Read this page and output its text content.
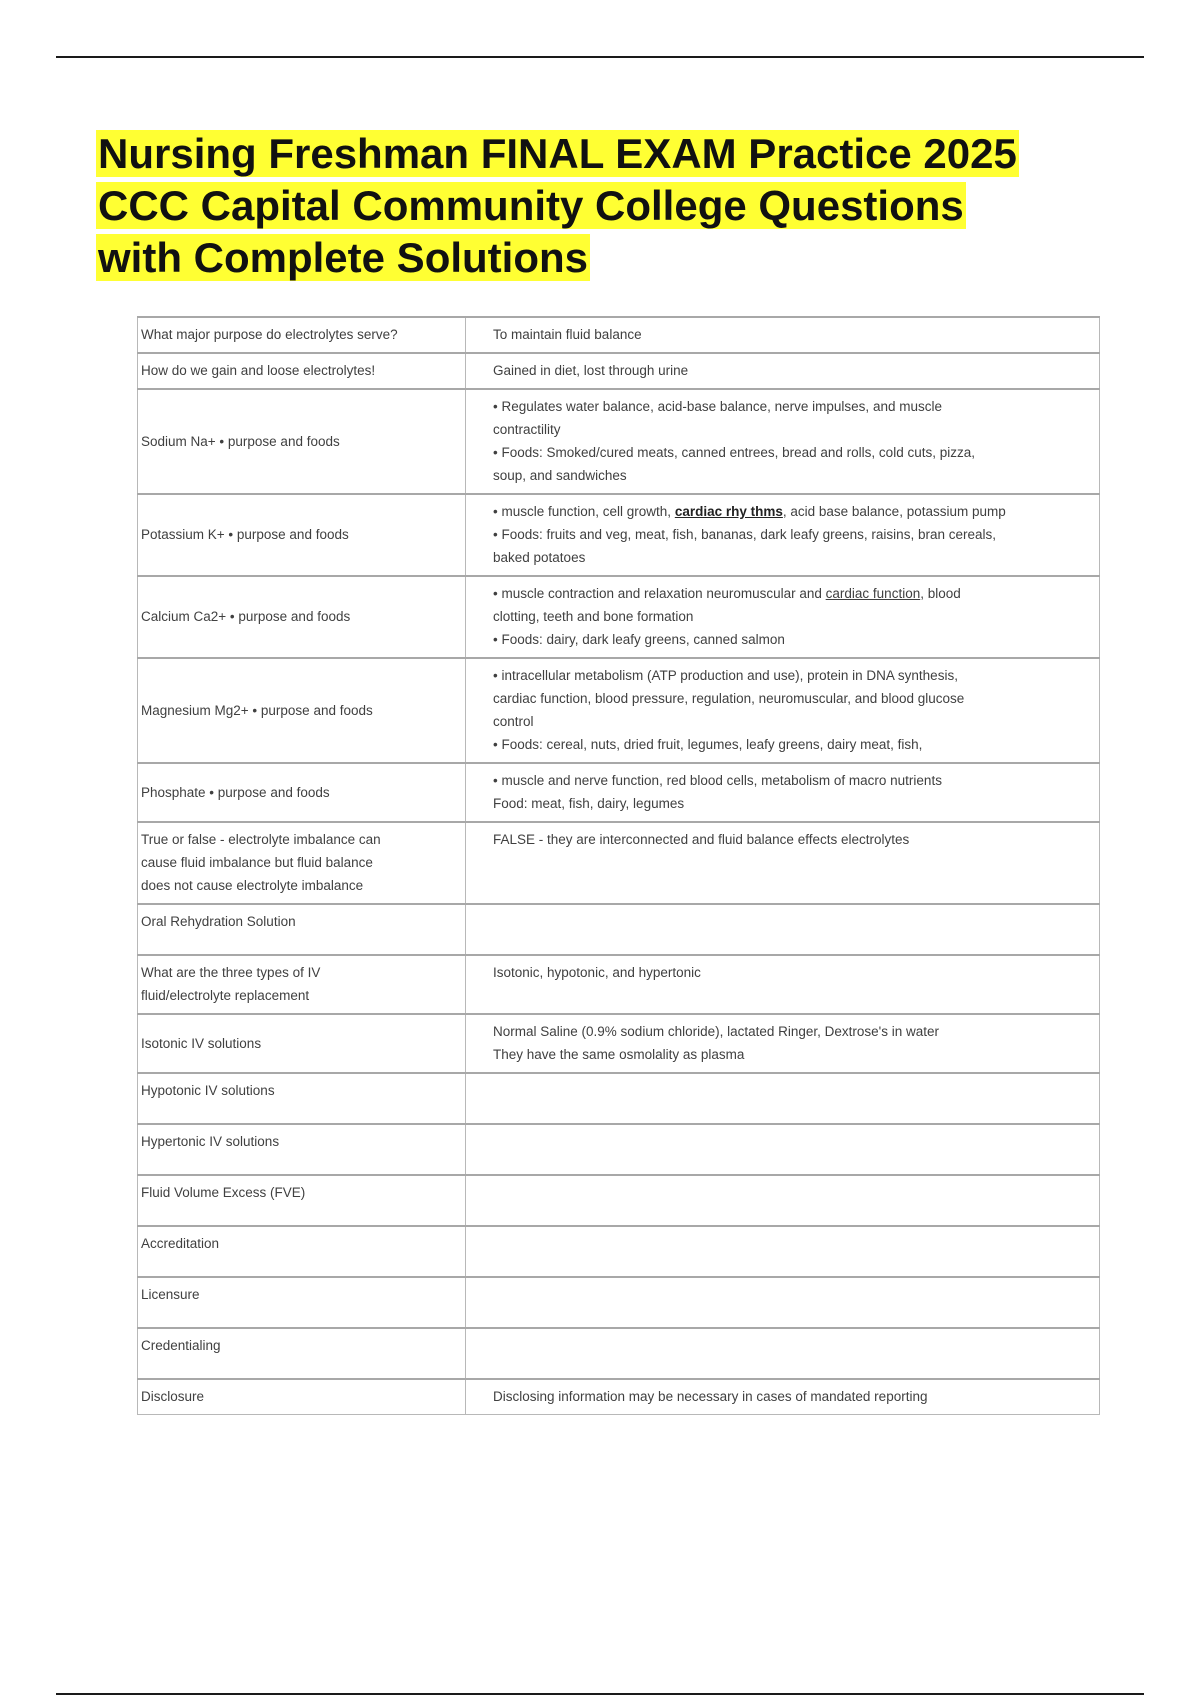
Nursing Freshman FINAL EXAM Practice 2025
CCC Capital Community College Questions
with Complete Solutions
What major purpose do electrolytes serve?	To maintain fluid balance
How do we gain and loose electrolytes!	Gained in diet, lost through urine
Sodium Na+ • purpose and foods	• Regulates water balance, acid-base balance, nerve impulses, and muscle
contractility
• Foods: Smoked/cured meats, canned entrees, bread and rolls, cold cuts, pizza,
soup, and sandwiches

Potassium K+ • purpose and foods	• muscle function, cell growth, cardiac rhy thms, acid base balance, potassium pump
• Foods: fruits and veg, meat, fish, bananas, dark leafy greens, raisins, bran cereals,
baked potatoes

Calcium Ca2+ • purpose and foods	• muscle contraction and relaxation neuromuscular and cardiac function, blood
clotting, teeth and bone formation
• Foods: dairy, dark leafy greens, canned salmon

Magnesium Mg2+ • purpose and foods	• intracellular metabolism (ATP production and use), protein in DNA synthesis,
cardiac function, blood pressure, regulation, neuromuscular, and blood glucose
control
• Foods: cereal, nuts, dried fruit, legumes, leafy greens, dairy meat, fish,

Phosphate • purpose and foods	• muscle and nerve function, red blood cells, metabolism of macro nutrients
Food: meat, fish, dairy, legumes

True or false - electrolyte imbalance can
cause fluid imbalance but fluid balance
does not cause electrolyte imbalance	FALSE - they are interconnected and fluid balance effects electrolytes
Oral Rehydration Solution	

What are the three types of IV
fluid/electrolyte replacement	Isotonic, hypotonic, and hypertonic
Isotonic IV solutions	Normal Saline (0.9% sodium chloride), lactated Ringer, Dextrose's in water
They have the same osmolality as plasma

Hypotonic IV solutions	
Hypertonic IV solutions	
Fluid Volume Excess (FVE)	
Accreditation	
Licensure	
Credentialing	
Disclosure	Disclosing information may be necessary in cases of mandated reporting
